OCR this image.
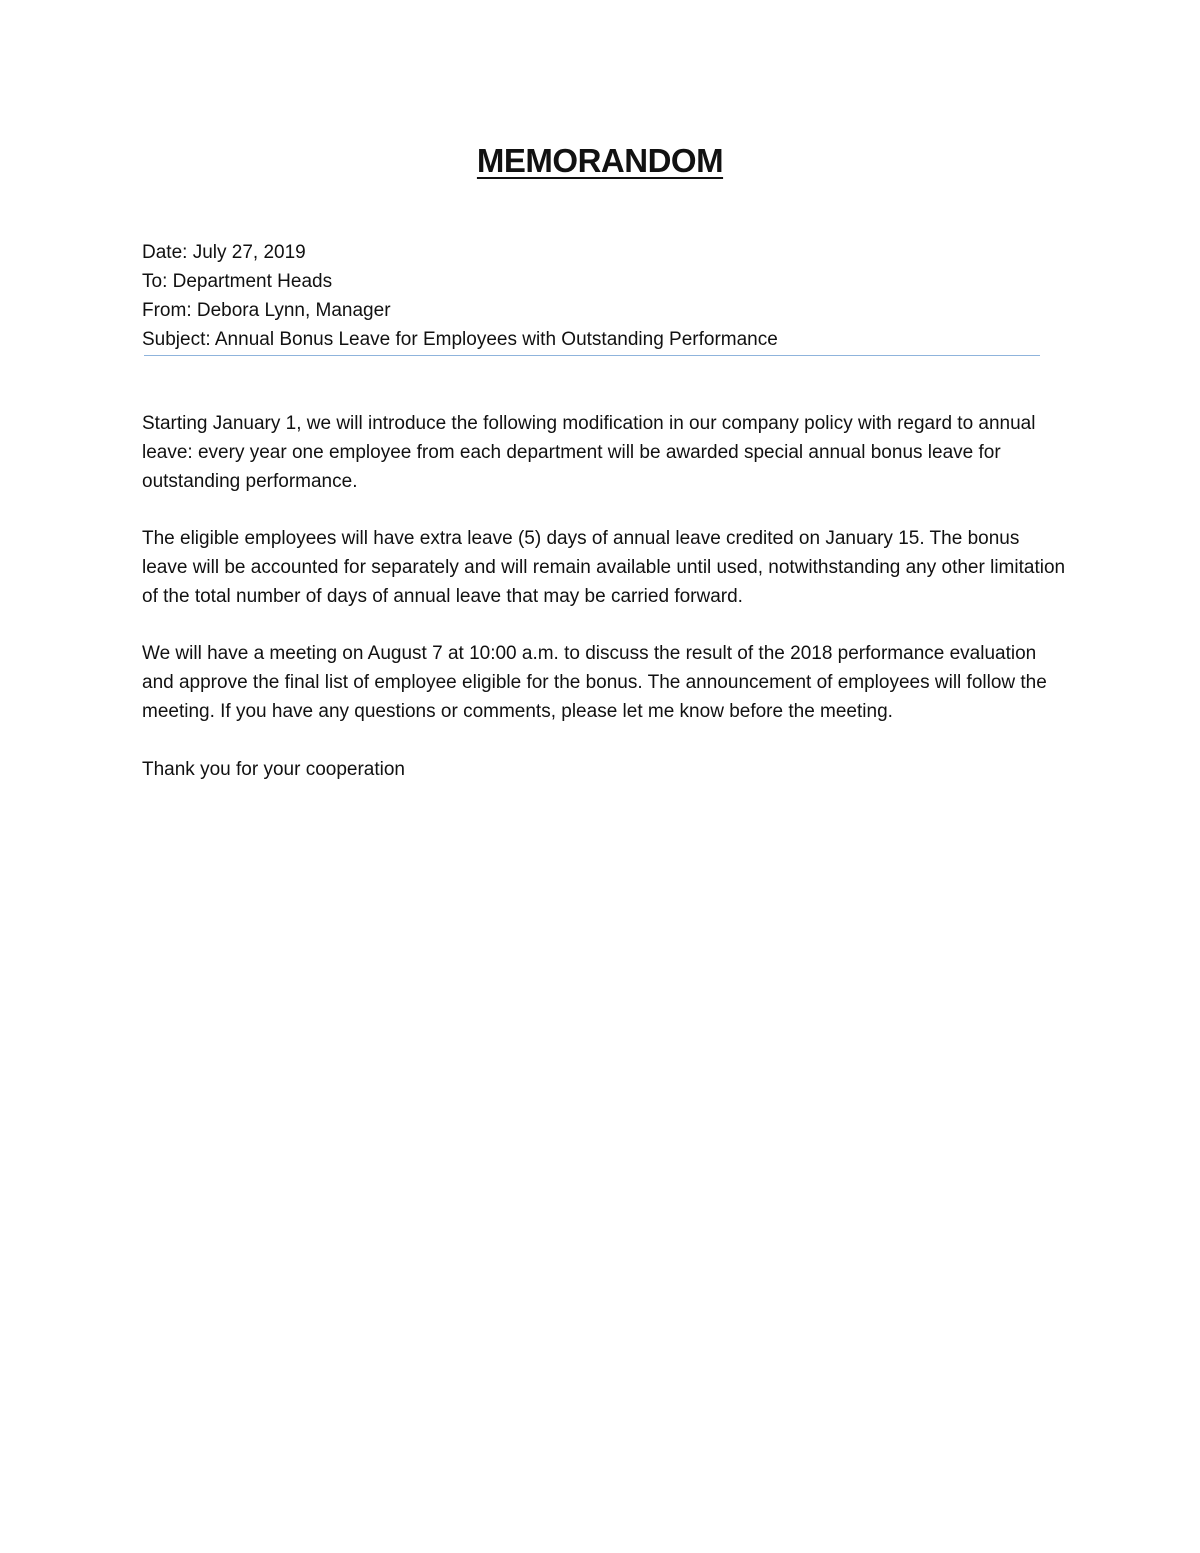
MEMORANDOM
Date: July 27, 2019
To: Department Heads
From: Debora Lynn, Manager
Subject: Annual Bonus Leave for Employees with Outstanding Performance

Starting January 1, we will introduce the following modification in our company policy with regard to annual leave: every year one employee from each department will be awarded special annual bonus leave for outstanding performance.

The eligible employees will have extra leave (5) days of annual leave credited on January 15. The bonus leave will be accounted for separately and will remain available until used, notwithstanding any other limitation of the total number of days of annual leave that may be carried forward.

We will have a meeting on August 7 at 10:00 a.m. to discuss the result of the 2018 performance evaluation and approve the final list of employee eligible for the bonus. The announcement of employees will follow the meeting. If you have any questions or comments, please let me know before the meeting.

Thank you for your cooperation
